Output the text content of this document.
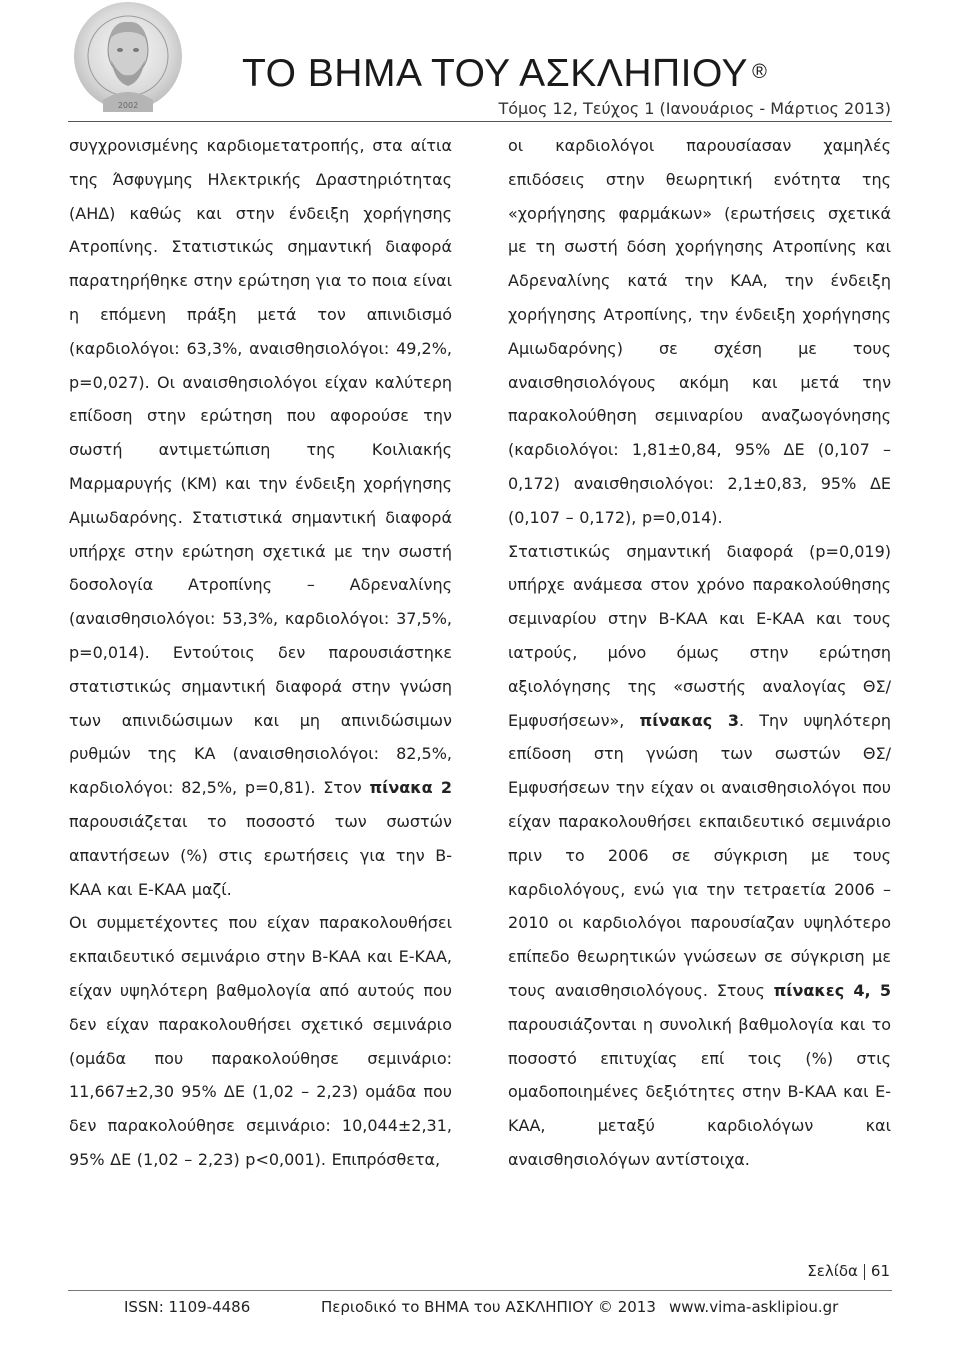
2002
ΤΟ ΒΗΜΑ ΤΟΥ ΑΣΚΛΗΠΙΟΥ ®
Τόμος 12, Τεύχος 1 (Ιανουάριος - Μάρτιος 2013)

συγχρονισμένης καρδιομετατροπής, στα αίτια της Άσφυγμης Ηλεκτρικής Δραστηριότητας (ΑΗΔ) καθώς και στην ένδειξη χορήγησης Ατροπίνης. Στατιστικώς σημαντική διαφορά παρατηρήθηκε στην ερώτηση για το ποια είναι η επόμενη πράξη μετά τον απινιδισμό (καρδιολόγοι: 63,3%, αναισθησιολόγοι: 49,2%, p=0,027). Οι αναισθησιολόγοι είχαν καλύτερη επίδοση στην ερώτηση που αφορούσε την σωστή αντιμετώπιση της Κοιλιακής Μαρμαρυγής (ΚΜ) και την ένδειξη χορήγησης Αμιωδαρόνης. Στατιστικά σημαντική διαφορά υπήρχε στην ερώτηση σχετικά με την σωστή δοσολογία Ατροπίνης – Αδρεναλίνης (αναισθησιολόγοι: 53,3%, καρδιολόγοι: 37,5%, p=0,014). Εντούτοις δεν παρουσιάστηκε στατιστικώς σημαντική διαφορά στην γνώση των απινιδώσιμων και μη απινιδώσιμων ρυθμών της ΚΑ (αναισθησιολόγοι: 82,5%, καρδιολόγοι: 82,5%, p=0,81). Στον πίνακα 2 παρουσιάζεται το ποσοστό των σωστών απαντήσεων (%) στις ερωτήσεις για την Β-ΚΑΑ και Ε-ΚΑΑ μαζί.

Οι συμμετέχοντες που είχαν παρακολουθήσει εκπαιδευτικό σεμινάριο στην Β-ΚΑΑ και Ε-ΚΑΑ, είχαν υψηλότερη βαθμολογία από αυτούς που δεν είχαν παρακολουθήσει σχετικό σεμινάριο (ομάδα που παρακολούθησε σεμινάριο: 11,667±2,30 95% ΔΕ (1,02 – 2,23) ομάδα που δεν παρακολούθησε σεμινάριο: 10,044±2,31, 95% ΔΕ (1,02 – 2,23) p<0,001). Επιπρόσθετα,

οι καρδιολόγοι παρουσίασαν χαμηλές επιδόσεις στην θεωρητική ενότητα της «χορήγησης φαρμάκων» (ερωτήσεις σχετικά με τη σωστή δόση χορήγησης Ατροπίνης και Αδρεναλίνης κατά την ΚΑΑ, την ένδειξη χορήγησης Ατροπίνης, την ένδειξη χορήγησης Αμιωδαρόνης) σε σχέση με τους αναισθησιολόγους ακόμη και μετά την παρακολούθηση σεμιναρίου αναζωογόνησης (καρδιολόγοι: 1,81±0,84, 95% ΔΕ (0,107 – 0,172) αναισθησιολόγοι: 2,1±0,83, 95% ΔΕ (0,107 – 0,172), p=0,014).

Στατιστικώς σημαντική διαφορά (p=0,019) υπήρχε ανάμεσα στον χρόνο παρακολούθησης σεμιναρίου στην Β-ΚΑΑ και Ε-ΚΑΑ και τους ιατρούς, μόνο όμως στην ερώτηση αξιολόγησης της «σωστής αναλογίας ΘΣ/ Εμφυσήσεων», πίνακας 3. Την υψηλότερη επίδοση στη γνώση των σωστών ΘΣ/ Εμφυσήσεων την είχαν οι αναισθησιολόγοι που είχαν παρακολουθήσει εκπαιδευτικό σεμινάριο πριν το 2006 σε σύγκριση με τους καρδιολόγους, ενώ για την τετραετία 2006 – 2010 οι καρδιολόγοι παρουσίαζαν υψηλότερο επίπεδο θεωρητικών γνώσεων σε σύγκριση με τους αναισθησιολόγους. Στους πίνακες 4, 5 παρουσιάζονται η συνολική βαθμολογία και το ποσοστό επιτυχίας επί τοις (%) στις ομαδοποιημένες δεξιότητες στην Β-ΚΑΑ και Ε-ΚΑΑ, μεταξύ καρδιολόγων και αναισθησιολόγων αντίστοιχα.

Σελίδα 61
ISSN: 1109-4486	Περιοδικό το ΒΗΜΑ του ΑΣΚΛΗΠΙΟΥ © 2013 www.vima-asklipiou.gr
